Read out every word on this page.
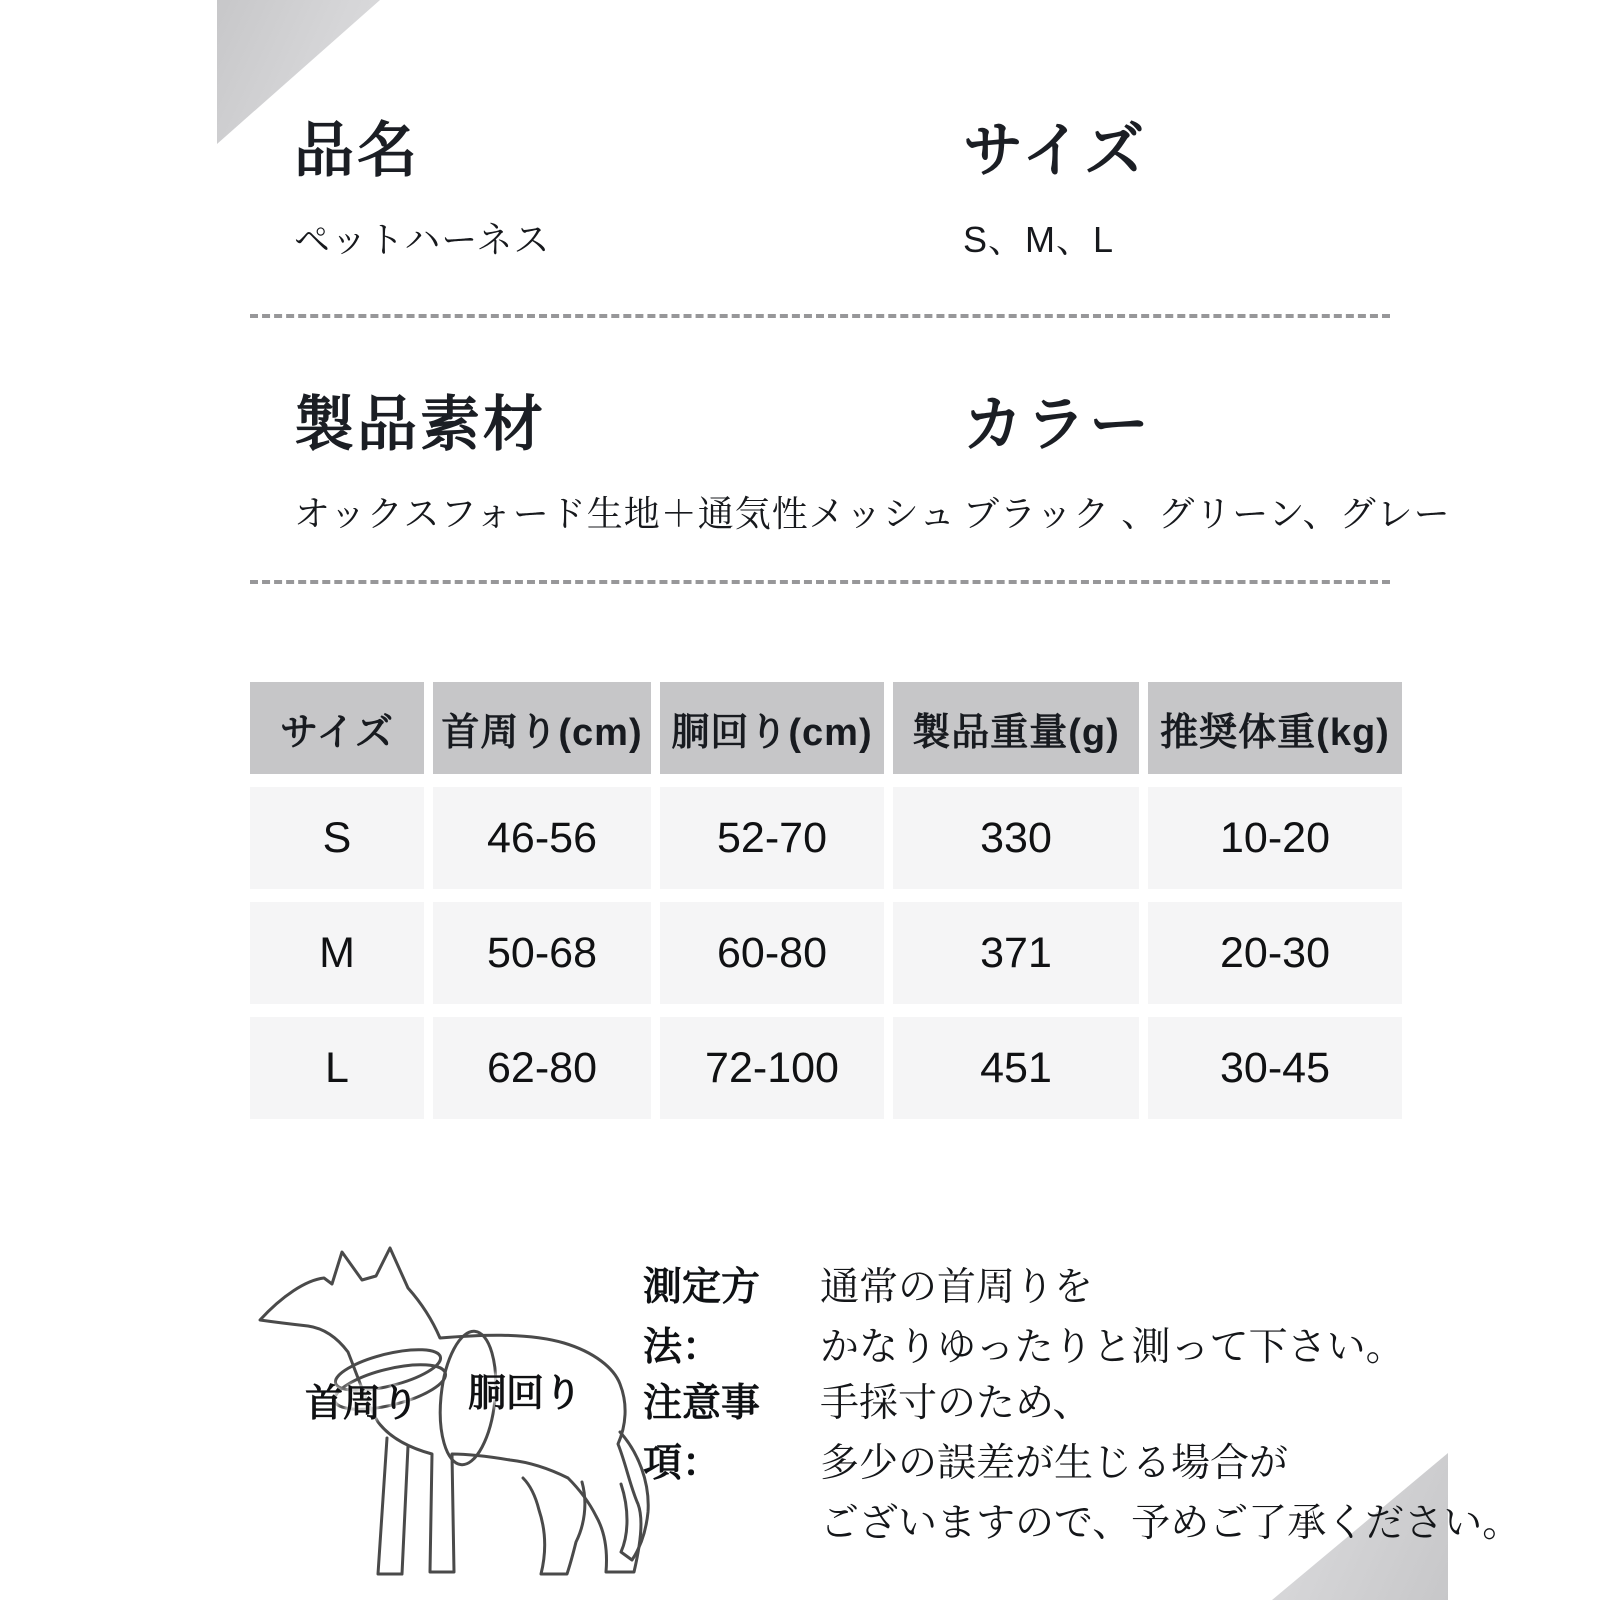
品名
ペットハーネス
サイズ
S、M、L
製品素材
オックスフォード生地＋通気性メッシュ
カラー
ブラック 、グリーン、グレー
サイズ	首周り(cm) 胴回り(cm)	製品重量(g)	推奨体重(kg)
S	46-56	52-70	330	10-20
M	50-68	60-80	371	20-30
L	62-80	72-100	451	30-45
首周り 胴回り
測定方法：
通常の首周りを
かなりゆったりと測って下さい。
注意事項：
手採寸のため、
多少の誤差が生じる場合が
ございますので、予めご了承ください。
